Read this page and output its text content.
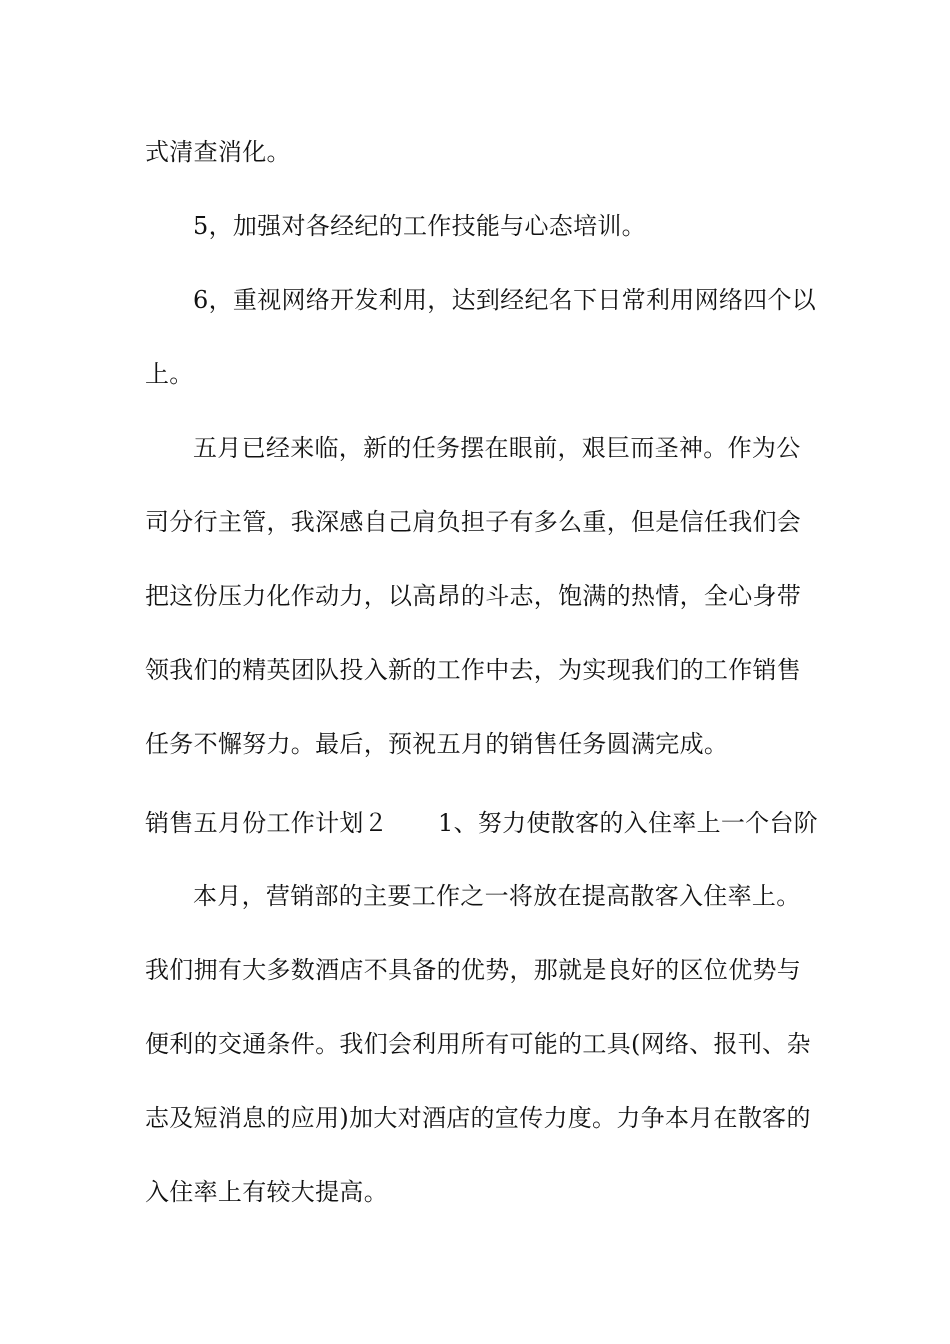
式清查消化。
5，加强对各经纪的工作技能与心态培训。
6，重视网络开发利用，达到经纪名下日常利用网络四个以
上。
五月已经来临，新的任务摆在眼前，艰巨而圣神。作为公
司分行主管，我深感自己肩负担子有多么重，但是信任我们会
把这份压力化作动力，以高昂的斗志，饱满的热情，全心身带
领我们的精英团队投入新的工作中去，为实现我们的工作销售
任务不懈努力。最后，预祝五月的销售任务圆满完成。
销售五月份工作计划２ 1、努力使散客的入住率上一个台阶
本月，营销部的主要工作之一将放在提高散客入住率上。
我们拥有大多数酒店不具备的优势，那就是良好的区位优势与
便利的交通条件。我们会利用所有可能的工具(网络、报刊、杂
志及短消息的应用)加大对酒店的宣传力度。力争本月在散客的
入住率上有较大提高。
